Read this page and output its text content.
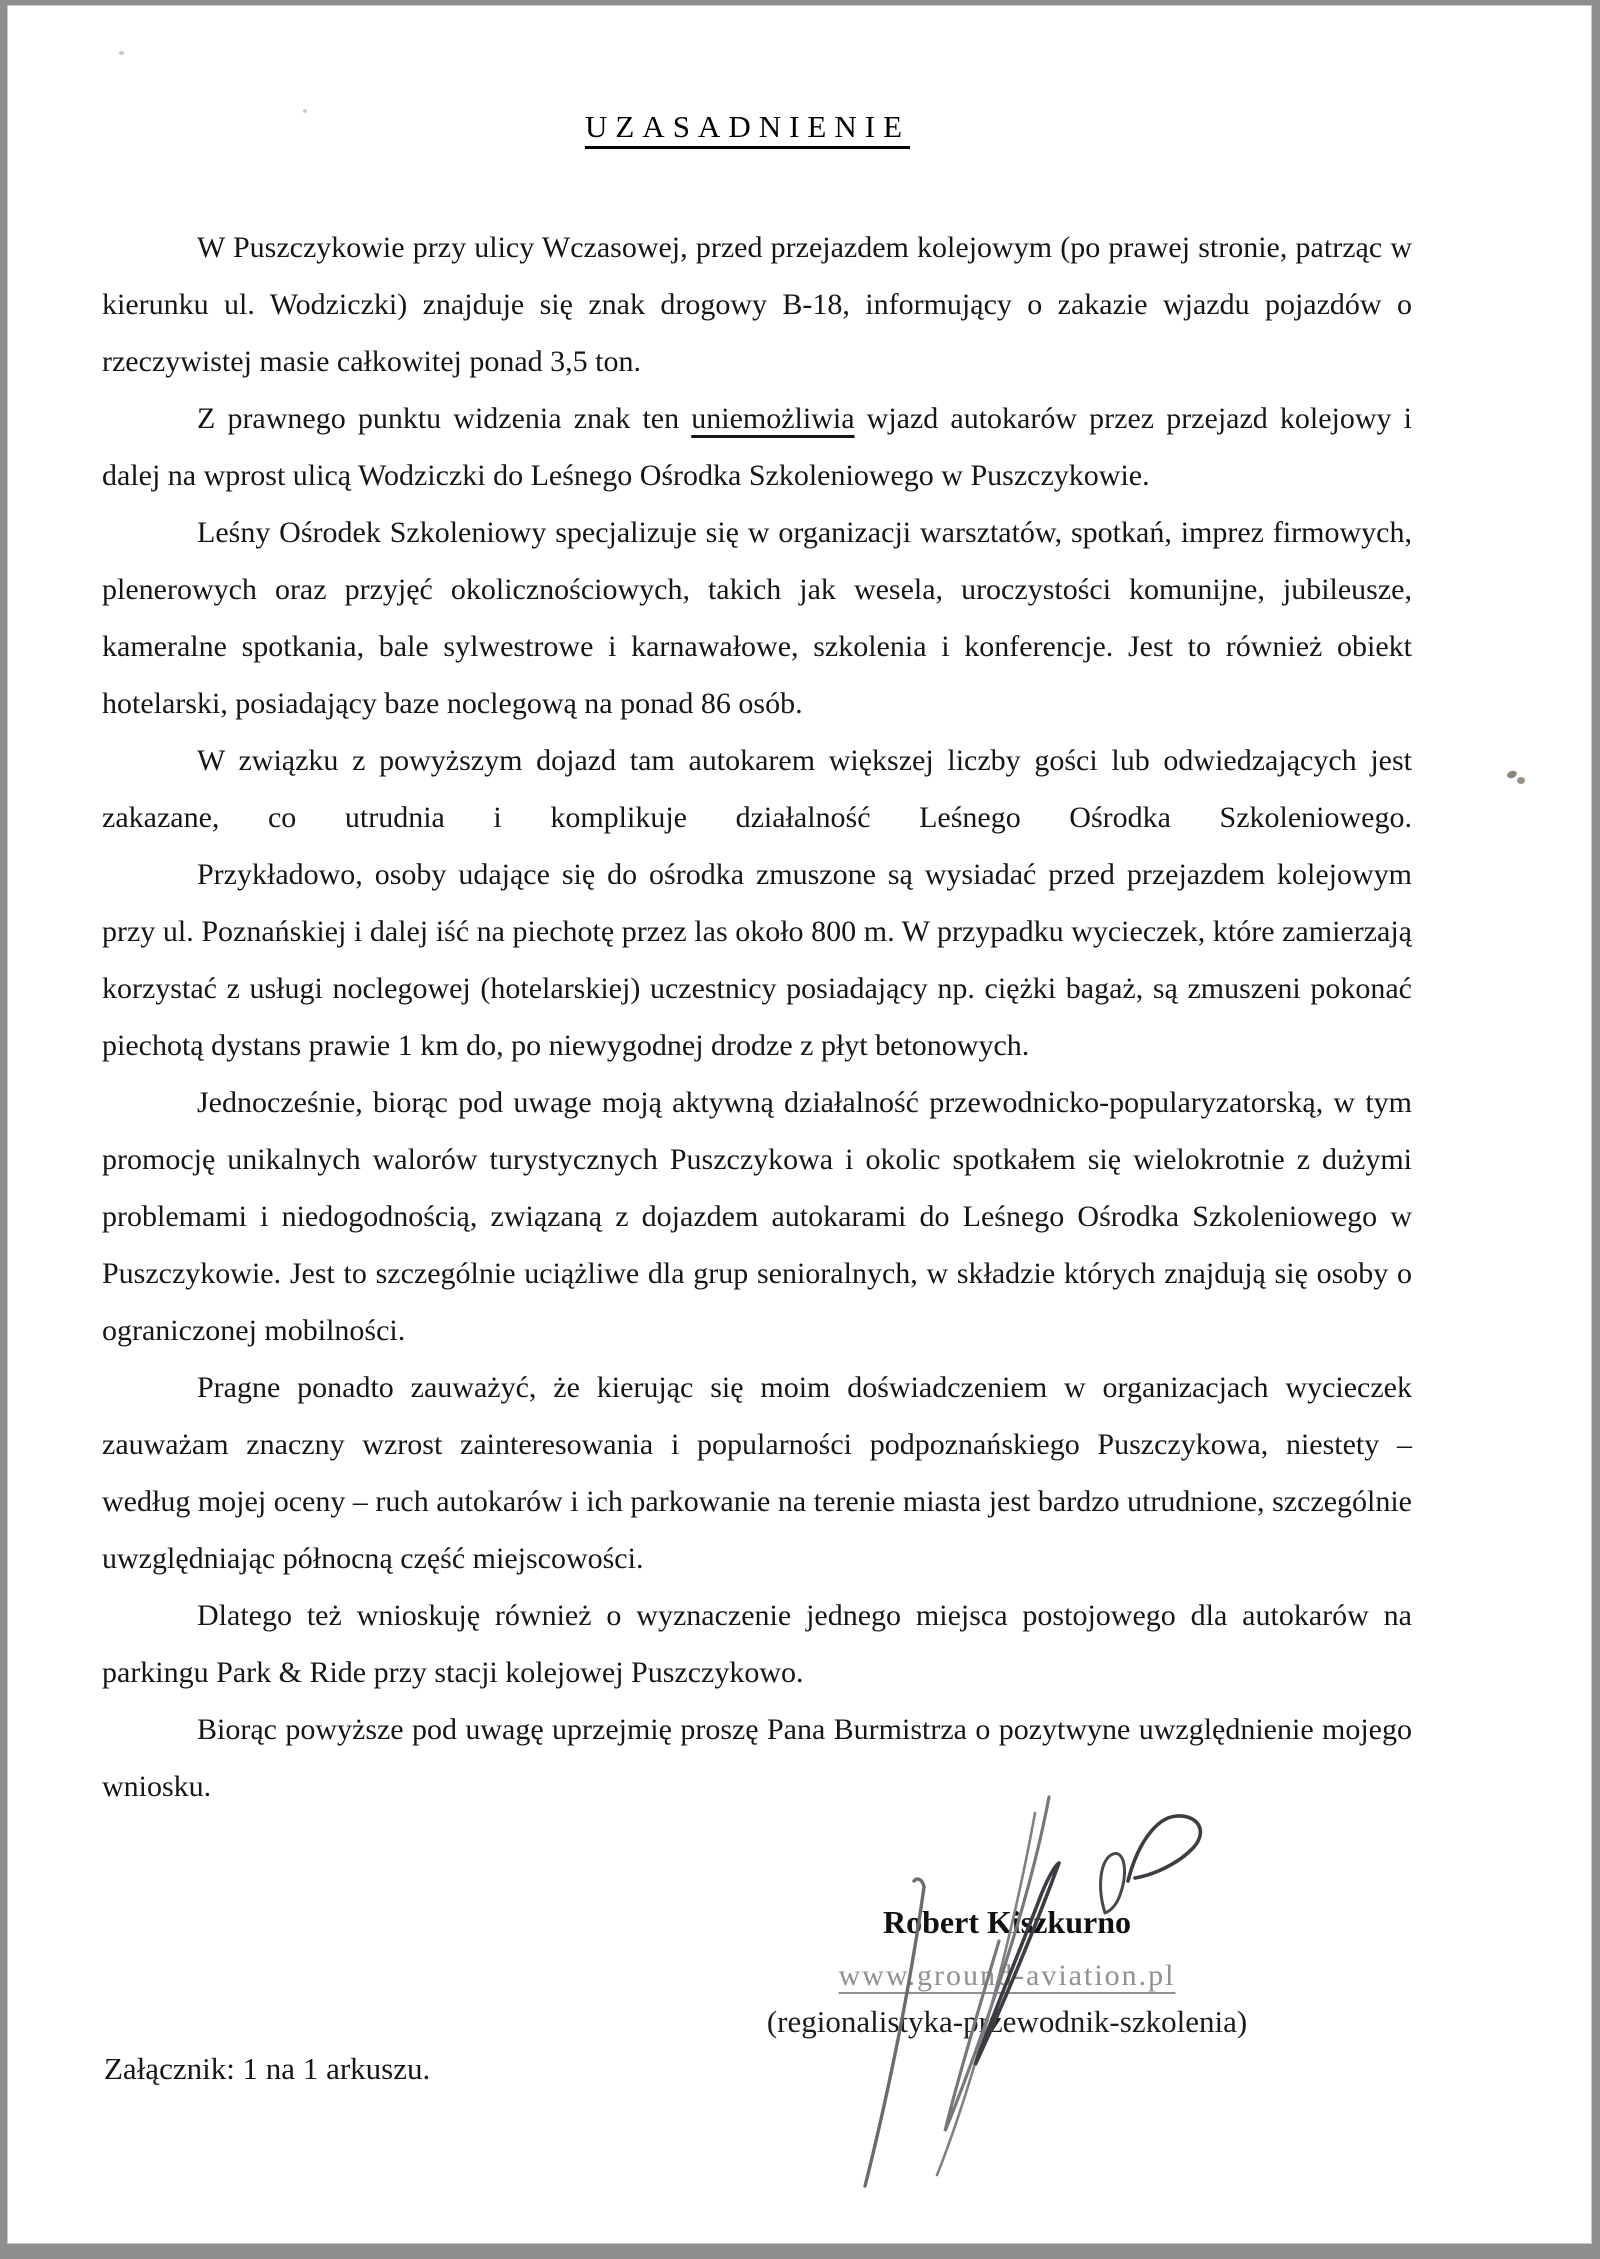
UZASADNIENIE

W Puszczykowie przy ulicy Wczasowej, przed przejazdem kolejowym (po prawej stronie, patrząc w kierunku ul. Wodziczki) znajduje się znak drogowy B-18, informujący o zakazie wjazdu pojazdów o rzeczywistej masie całkowitej ponad 3,5 ton.

Z prawnego punktu widzenia znak ten uniemożliwia wjazd autokarów przez przejazd kolejowy i dalej na wprost ulicą Wodziczki do Leśnego Ośrodka Szkoleniowego w Puszczykowie.

Leśny Ośrodek Szkoleniowy specjalizuje się w organizacji warsztatów, spotkań, imprez firmowych, plenerowych oraz przyjęć okolicznościowych, takich jak wesela, uroczystości komunijne, jubileusze, kameralne spotkania, bale sylwestrowe i karnawałowe, szkolenia i konferencje. Jest to również obiekt hotelarski, posiadający baze noclegową na ponad 86 osób.

W związku z powyższym dojazd tam autokarem większej liczby gości lub odwiedzających jest zakazane, co utrudnia i komplikuje działalność Leśnego Ośrodka Szkoleniowego.

Przykładowo, osoby udające się do ośrodka zmuszone są wysiadać przed przejazdem kolejowym przy ul. Poznańskiej i dalej iść na piechotę przez las około 800 m. W przypadku wycieczek, które zamierzają korzystać z usługi noclegowej (hotelarskiej) uczestnicy posiadający np. ciężki bagaż, są zmuszeni pokonać piechotą dystans prawie 1 km do, po niewygodnej drodze z płyt betonowych.

Jednocześnie, biorąc pod uwage moją aktywną działalność przewodnicko-popularyzatorską, w tym promocję unikalnych walorów turystycznych Puszczykowa i okolic spotkałem się wielokrotnie z dużymi problemami i niedogodnością, związaną z dojazdem autokarami do Leśnego Ośrodka Szkoleniowego w Puszczykowie. Jest to szczególnie uciążliwe dla grup senioralnych, w składzie których znajdują się osoby o ograniczonej mobilności.

Pragne ponadto zauważyć, że kierując się moim doświadczeniem w organizacjach wycieczek zauważam znaczny wzrost zainteresowania i popularności podpoznańskiego Puszczykowa, niestety – według mojej oceny – ruch autokarów i ich parkowanie na terenie miasta jest bardzo utrudnione, szczególnie uwzględniając północną część miejscowości.

Dlatego też wnioskuję również o wyznaczenie jednego miejsca postojowego dla autokarów na parkingu Park & Ride przy stacji kolejowej Puszczykowo.

Biorąc powyższe pod uwagę uprzejmię proszę Pana Burmistrza o pozytwyne uwzględnienie mojego wniosku.

Robert Kiszkurno
www.ground-aviation.pl
(regionalistyka-przewodnik-szkolenia)
Załącznik: 1 na 1 arkuszu.
